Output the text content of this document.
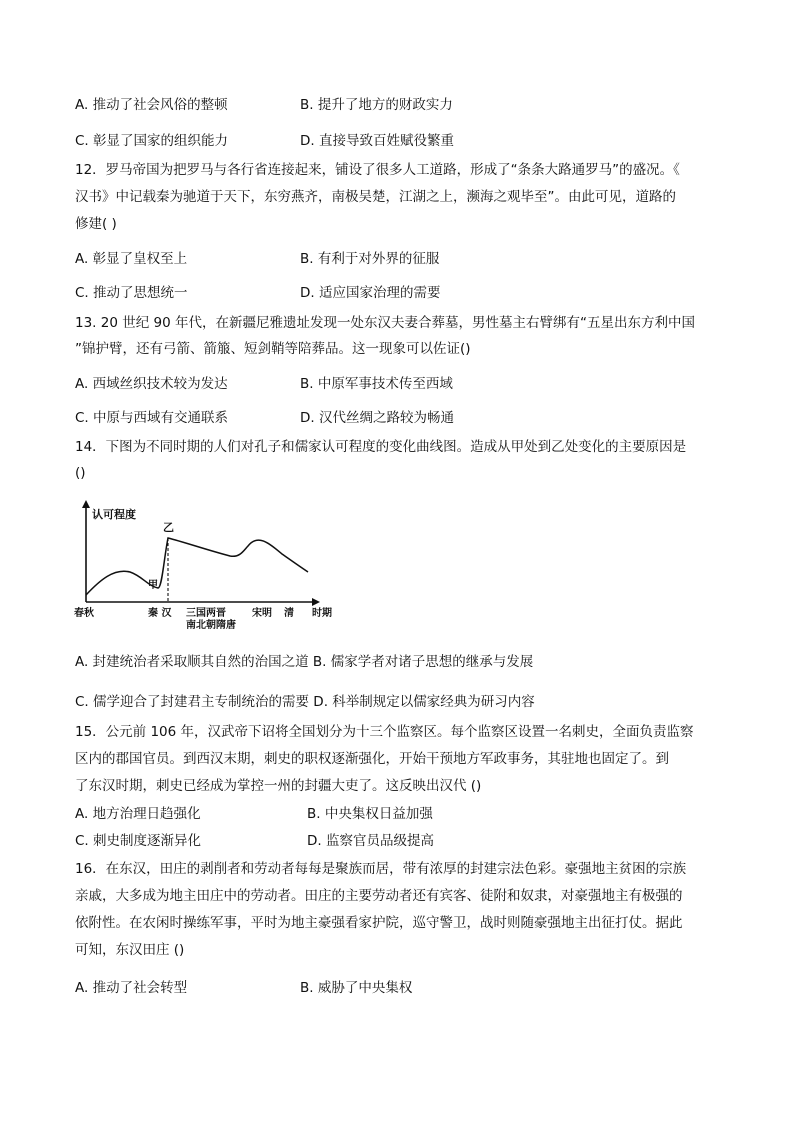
A. 推动了社会风俗的整顿	B. 提升了地方的财政实力
C. 彰显了国家的组织能力	D. 直接导致百姓赋役繁重
12．罗马帝国为把罗马与各行省连接起来，铺设了很多人工道路，形成了“条条大路通罗马”的盛况。《
汉书》中记载秦为驰道于天下，东穷燕齐，南极吴楚，江湖之上，濒海之观毕至”。由此可见，道路的
修建( )
A. 彰显了皇权至上	B. 有利于对外界的征服
C. 推动了思想统一	D. 适应国家治理的需要
13. 20 世纪 90 年代，在新疆尼雅遗址发现一处东汉夫妻合葬墓，男性墓主右臂绑有“五星出东方利中国
”锦护臂，还有弓箭、箭箙、短剑鞘等陪葬品。这一现象可以佐证()
A. 西域丝织技术较为发达	B. 中原军事技术传至西域
C. 中原与西域有交通联系	D. 汉代丝绸之路较为畅通
14．下图为不同时期的人们对孔子和儒家认可程度的变化曲线图。造成从甲处到乙处变化的主要原因是
()
认可程度
甲
乙
春秋	秦 汉 三国两晋
南北朝隋唐
宋明 清 时期
A. 封建统治者采取顺其自然的治国之道 B. 儒家学者对诸子思想的继承与发展
C. 儒学迎合了封建君主专制统治的需要 D. 科举制规定以儒家经典为研习内容
15．公元前 106 年，汉武帝下诏将全国划分为十三个监察区。每个监察区设置一名刺史，全面负责监察
区内的郡国官员。到西汉末期，刺史的职权逐渐强化，开始干预地方军政事务，其驻地也固定了。到
了东汉时期，刺史已经成为掌控一州的封疆大吏了。这反映出汉代 ()
A. 地方治理日趋强化	B. 中央集权日益加强
C. 刺史制度逐渐异化	D. 监察官员品级提高
16．在东汉，田庄的剥削者和劳动者每每是聚族而居，带有浓厚的封建宗法色彩。豪强地主贫困的宗族
亲戚，大多成为地主田庄中的劳动者。田庄的主要劳动者还有宾客、徒附和奴隶，对豪强地主有极强的
依附性。在农闲时操练军事，平时为地主豪强看家护院，巡守警卫，战时则随豪强地主出征打仗。据此
可知，东汉田庄 ()
A. 推动了社会转型	B. 威胁了中央集权
